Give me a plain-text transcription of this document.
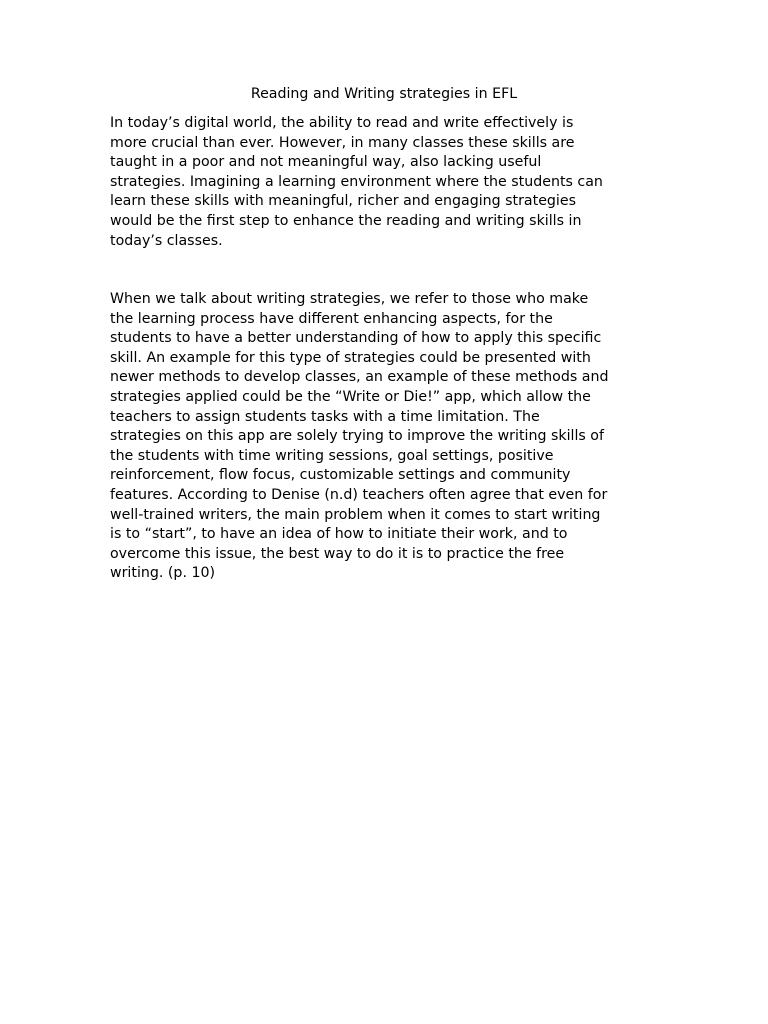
Reading and Writing strategies in EFL

In today’s digital world, the ability to read and write effectively is
more crucial than ever. However, in many classes these skills are
taught in a poor and not meaningful way, also lacking useful
strategies. Imagining a learning environment where the students can
learn these skills with meaningful, richer and engaging strategies
would be the first step to enhance the reading and writing skills in
today’s classes.

When we talk about writing strategies, we refer to those who make
the learning process have different enhancing aspects, for the
students to have a better understanding of how to apply this specific
skill. An example for this type of strategies could be presented with
newer methods to develop classes, an example of these methods and
strategies applied could be the “Write or Die!” app, which allow the
teachers to assign students tasks with a time limitation. The
strategies on this app are solely trying to improve the writing skills of
the students with time writing sessions, goal settings, positive
reinforcement, flow focus, customizable settings and community
features. According to Denise (n.d) teachers often agree that even for
well-trained writers, the main problem when it comes to start writing
is to “start”, to have an idea of how to initiate their work, and to
overcome this issue, the best way to do it is to practice the free
writing. (p. 10)
